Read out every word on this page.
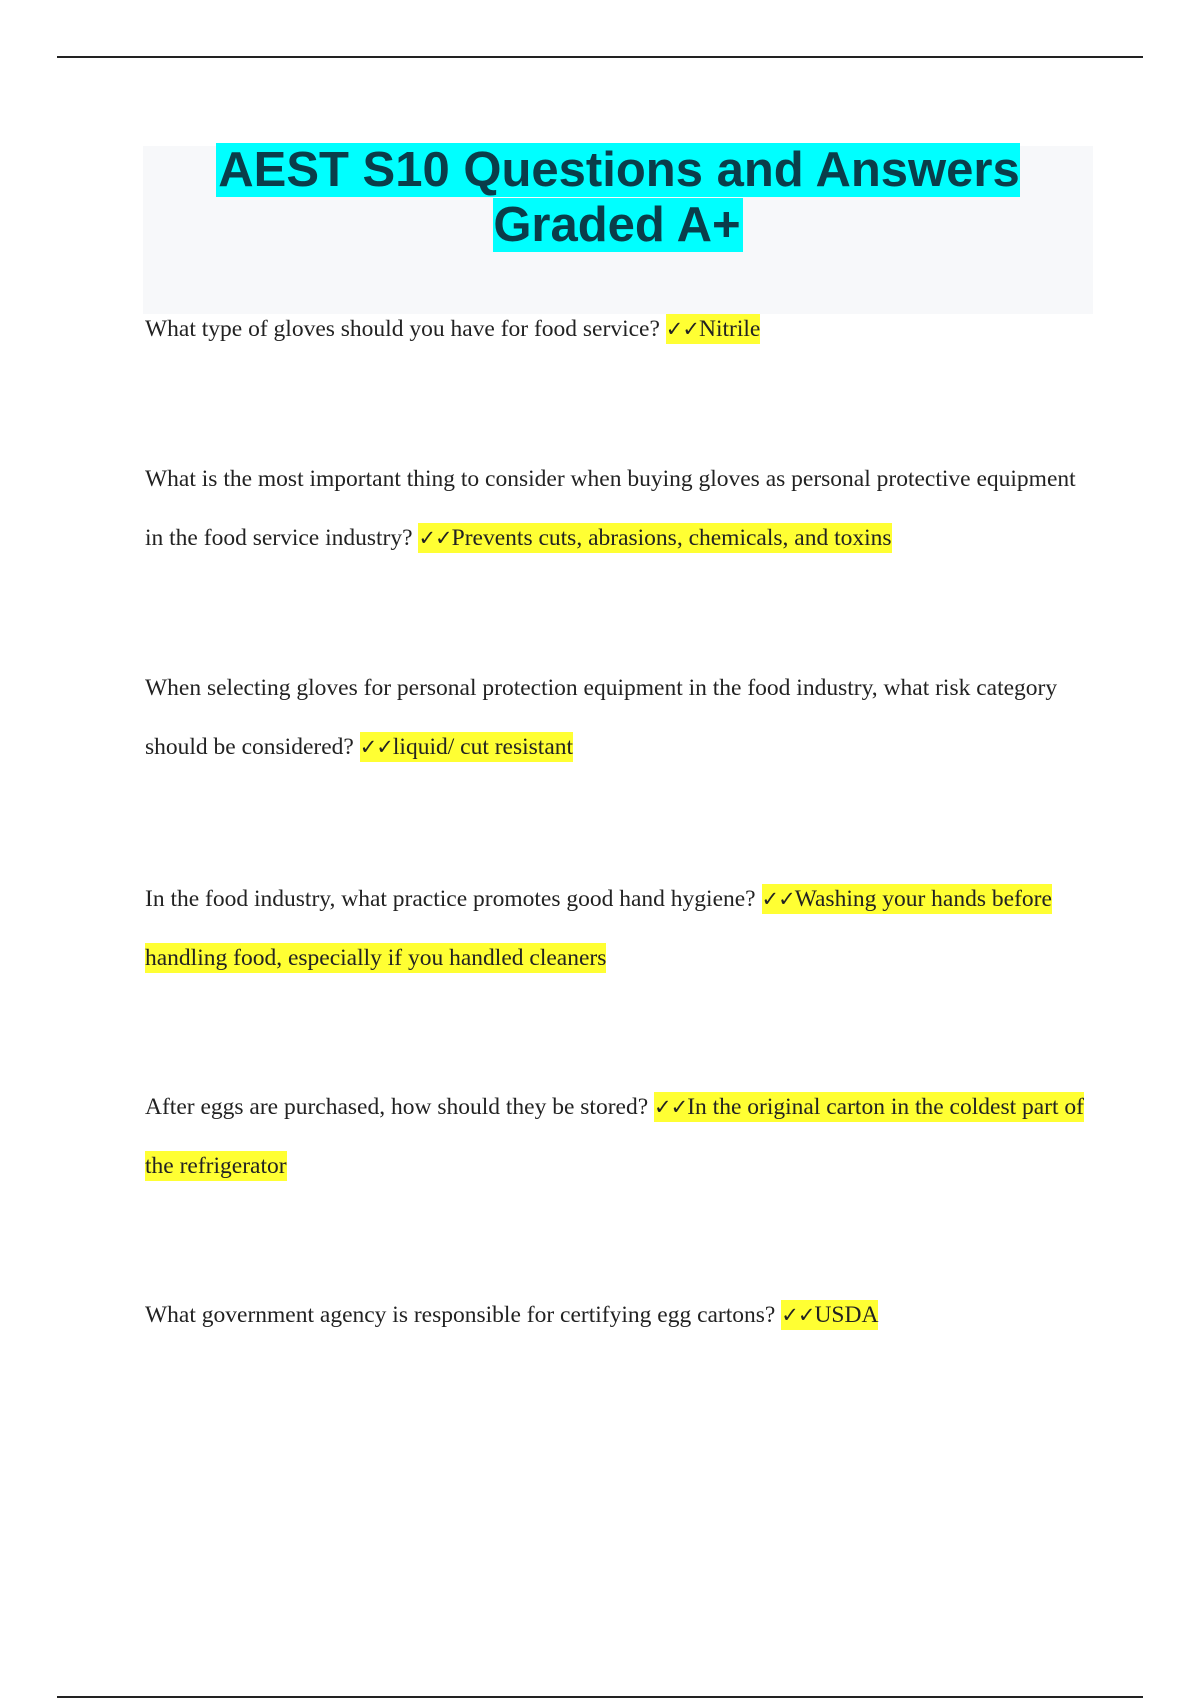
AEST S10 Questions and Answers Graded A+

What type of gloves should you have for food service? ✓✓Nitrile

What is the most important thing to consider when buying gloves as personal protective equipment in the food service industry? ✓✓Prevents cuts, abrasions, chemicals, and toxins

When selecting gloves for personal protection equipment in the food industry, what risk category should be considered? ✓✓liquid/ cut resistant

In the food industry, what practice promotes good hand hygiene? ✓✓Washing your hands before handling food, especially if you handled cleaners

After eggs are purchased, how should they be stored? ✓✓In the original carton in the coldest part of the refrigerator

What government agency is responsible for certifying egg cartons? ✓✓USDA
